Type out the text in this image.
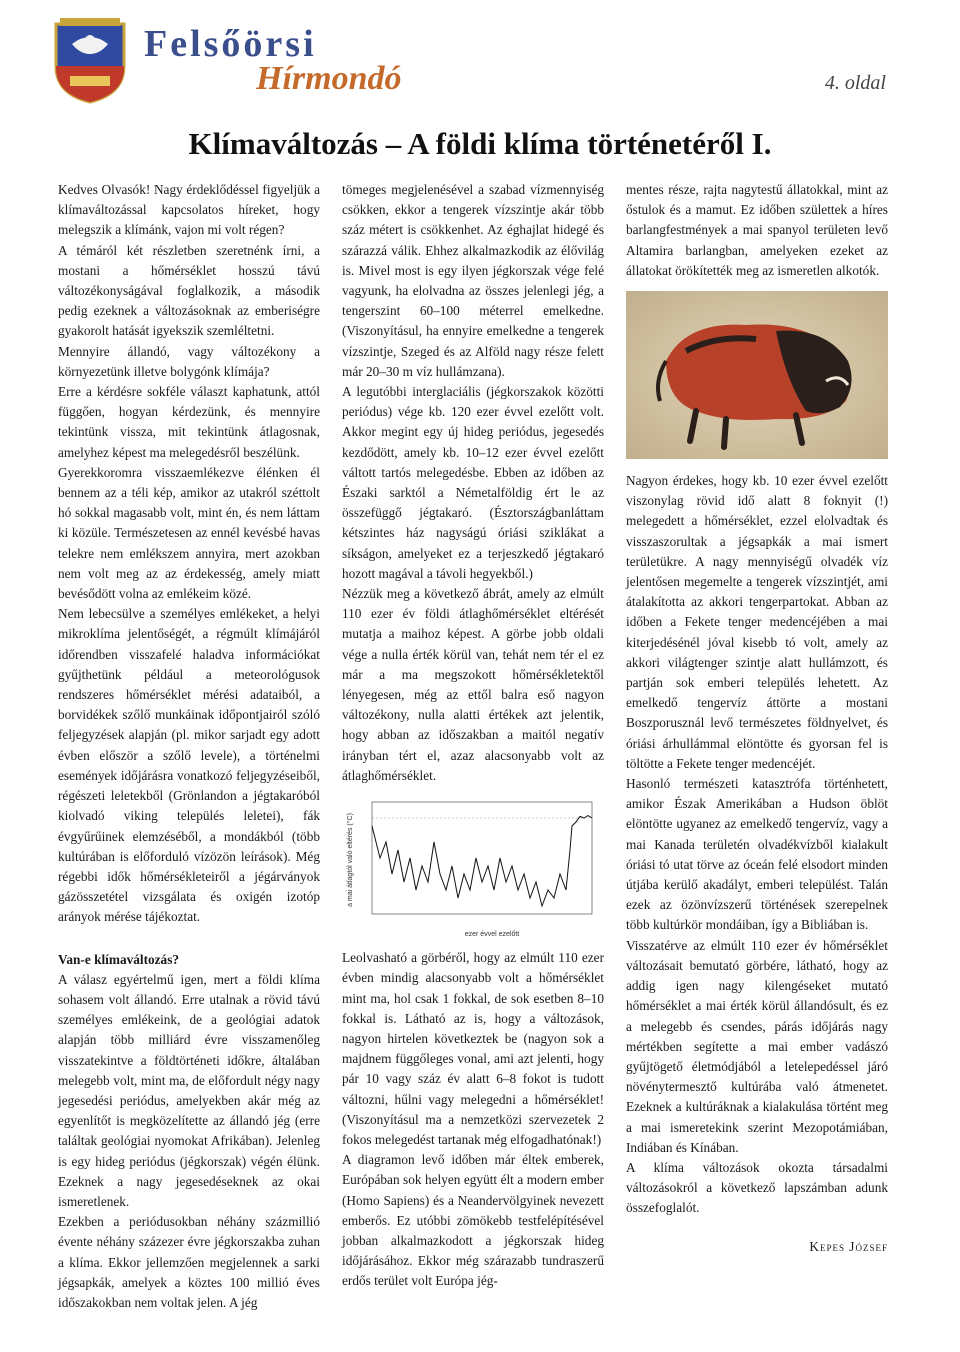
Felsőörsi
Hírmondó	4. oldal
Klímaváltozás – A földi klíma történetéről I.

Kedves Olvasók! Nagy érdeklődéssel figyeljük a klímaváltozással kapcsolatos híreket, hogy melegszik a klímánk, vajon mi volt régen?

A témáról két részletben szeretnénk írni, a mostani a hőmérséklet hosszú távú változékonyságával foglalkozik, a második pedig ezeknek a változásoknak az emberiségre gyakorolt hatását igyekszik szemléltetni.

Mennyire állandó, vagy változékony a környezetünk illetve bolygónk klímája?

Erre a kérdésre sokféle választ kaphatunk, attól függően, hogyan kérdezünk, és mennyire tekintünk vissza, mit tekintünk átlagosnak, amelyhez képest ma melegedésről beszélünk.

Gyerekkoromra visszaemlékezve élénken él bennem az a téli kép, amikor az utakról széttolt hó sokkal magasabb volt, mint én, és nem láttam ki közüle. Természetesen az ennél kevésbé havas telekre nem emlékszem annyira, mert azokban nem volt meg az az érdekesség, amely miatt bevésődött volna az emlékeim közé.

Nem lebecsülve a személyes emlékeket, a helyi mikroklíma jelentőségét, a régmúlt klímájáról időrendben visszafelé haladva információkat gyűjthetünk például a meteorológusok rendszeres hőmérséklet mérési adataiból, a borvidékek szőlő munkáinak időpontjairól szóló feljegyzések alapján (pl. mikor sarjadt egy adott évben először a szőlő levele), a történelmi események időjárásra vonatkozó feljegyzéseiből, régészeti leletekből (Grönlandon a jégtakaróból kiolvadó viking település leletei), fák évgyűrűinek elemzéséből, a mondákból (több kultúrában is előforduló vízözön leírások). Még régebbi idők hőmérsékleteiről a jégárványok gázösszetétel vizsgálata és oxigén izotóp arányok mérése tájékoztat.

Van-e klímaváltozás?

A válasz egyértelmű igen, mert a földi klíma sohasem volt állandó. Erre utalnak a rövid távú személyes emlékeink, de a geológiai adatok alapján több milliárd évre visszamenőleg visszatekintve a földtörténeti időkre, általában melegebb volt, mint ma, de előfordult négy nagy jegesedési periódus, amelyekben akár még az egyenlítőt is megközelítette az állandó jég (erre találtak geológiai nyomokat Afrikában). Jelenleg is egy hideg periódus (jégkorszak) végén élünk. Ezeknek a nagy jegesedéseknek az okai ismeretlenek.

Ezekben a periódusokban néhány százmillió évente néhány százezer évre jégkorszakba zuhan a klíma. Ekkor jellemzően megjelennek a sarki jégsapkák, amelyek a köztes 100 millió éves időszakokban nem voltak jelen. A jég

tömeges megjelenésével a szabad vízmennyiség csökken, ekkor a tengerek vízszintje akár több száz métert is csökkenhet. Az éghajlat hidegé és szárazzá válik. Ehhez alkalmazkodik az élővilág is. Mivel most is egy ilyen jégkorszak vége felé vagyunk, ha elolvadna az összes jelenlegi jég, a tengerszint 60–100 méterrel emelkedne. (Viszonyításul, ha ennyire emelkedne a tengerek vízszintje, Szeged és az Alföld nagy része felett már 20–30 m víz hullámzana).

A legutóbbi interglaciális (jégkorszakok közötti periódus) vége kb. 120 ezer évvel ezelőtt volt. Akkor megint egy új hideg periódus, jegesedés kezdődött, amely kb. 10–12 ezer évvel ezelőtt váltott tartós melegedésbe. Ebben az időben az Északi sarktól a Németalföldig ért le az összefüggő jégtakaró. (Észtországbanláttam kétszintes ház nagyságú óriási sziklákat a síkságon, amelyeket ez a terjeszkedő jégtakaró hozott magával a távoli hegyekből.)

Nézzük meg a következő ábrát, amely az elmúlt 110 ezer év földi átlaghőmérséklet eltérését mutatja a maihoz képest. A görbe jobb oldali vége a nulla érték körül van, tehát nem tér el ez már a ma megszokott hőmérsékletektől lényegesen, még az ettől balra eső nagyon változékony, nulla alatti értékek azt jelentik, hogy abban az időszakban a maitól negatív irányban tért el, azaz alacsonyabb volt az átlaghőmérséklet.

a mai átlagtól való eltérés (°C)
ezer évvel ezelőtt

Leolvasható a görbéről, hogy az elmúlt 110 ezer évben mindig alacsonyabb volt a hőmérséklet mint ma, hol csak 1 fokkal, de sok esetben 8–10 fokkal is. Látható az is, hogy a változások, nagyon hirtelen következtek be (nagyon sok a majdnem függőleges vonal, ami azt jelenti, hogy pár 10 vagy száz év alatt 6–8 fokot is tudott változni, hűlni vagy melegedni a hőmérséklet! (Viszonyításul ma a nemzetközi szervezetek 2 fokos melegedést tartanak még elfogadhatónak!)

A diagramon levő időben már éltek emberek, Európában sok helyen együtt élt a modern ember (Homo Sapiens) és a Neandervölgyinek nevezett emberős. Ez utóbbi zömökebb testfelépítésével jobban alkalmazkodott a jégkorszak hideg időjárásához. Ekkor még szárazabb tundraszerű erdős terület volt Európa jég-

mentes része, rajta nagytestű állatokkal, mint az őstulok és a mamut. Ez időben születtek a híres barlangfestmények a mai spanyol területen levő Altamira barlangban, amelyeken ezeket az állatokat örökítették meg az ismeretlen alkotók.

Nagyon érdekes, hogy kb. 10 ezer évvel ezelőtt viszonylag rövid idő alatt 8 foknyit (!) melegedett a hőmérséklet, ezzel elolvadtak és visszaszorultak a jégsapkák a mai ismert területükre. A nagy mennyiségű olvadék víz jelentősen megemelte a tengerek vízszintjét, ami átalakította az akkori tengerpartokat. Abban az időben a Fekete tenger medencéjében a mai kiterjedésénél jóval kisebb tó volt, amely az akkori világtenger szintje alatt hullámzott, és partján sok emberi település lehetett. Az emelkedő tengervíz áttörte a mostani Boszporusznál levő természetes földnyelvet, és óriási árhullámmal elöntötte és gyorsan fel is töltötte a Fekete tenger medencéjét.

Hasonló természeti katasztrófa történhetett, amikor Észak Amerikában a Hudson öblöt elöntötte ugyanez az emelkedő tengervíz, vagy a mai Kanada területén olvadékvízből kialakult óriási tó utat törve az óceán felé elsodort minden útjába kerülő akadályt, emberi települést. Talán ezek az özönvízszerű történések szerepelnek több kultúrkör mondáiban, így a Bibliában is.

Visszatérve az elmúlt 110 ezer év hőmérséklet változásait bemutató görbére, látható, hogy az addig igen nagy kilengéseket mutató hőmérséklet a mai érték körül állandósult, és ez a melegebb és csendes, párás időjárás nagy mértékben segítette a mai ember vadászó gyűjtögető életmódjából a letelepedéssel járó növénytermesztő kultúrába való átmenetet. Ezeknek a kultúráknak a kialakulása történt meg a mai ismeretekink szerint Mezopotámiában, Indiában és Kínában.

A klíma változások okozta társadalmi változásokról a következő lapszámban adunk összefoglalót.

Kepes József
